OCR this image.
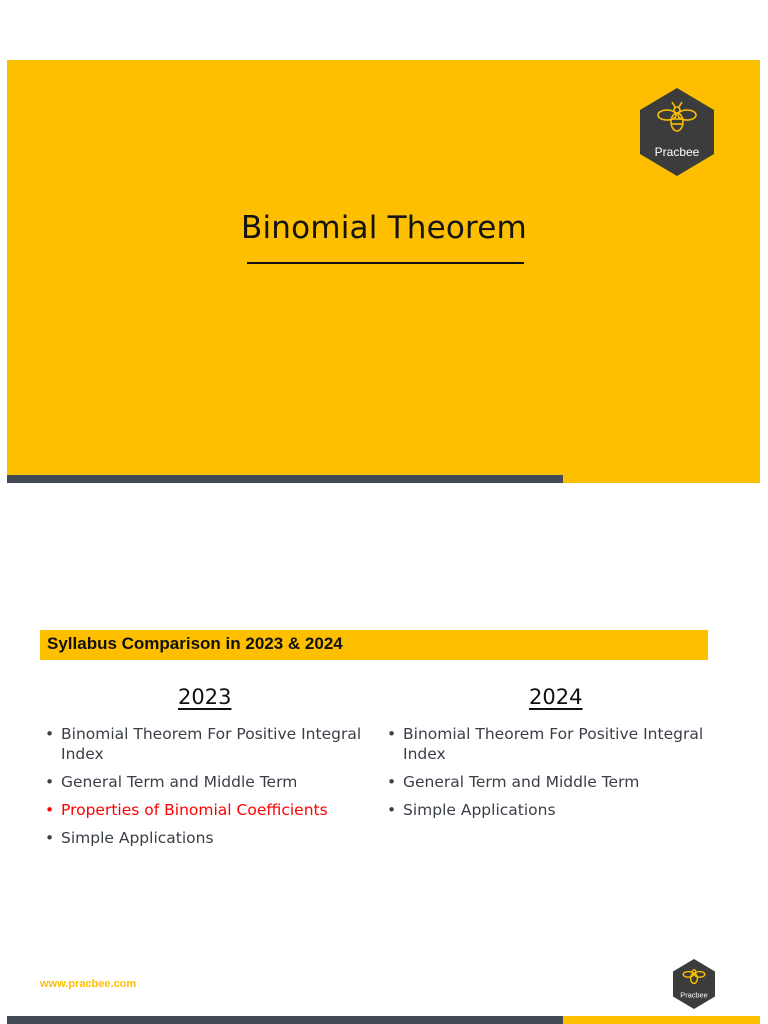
Pracbee
Binomial Theorem
Syllabus Comparison in 2023 & 2024
2023	2024
• Binomial Theorem For Positive Integral Index
• General Term and Middle Term
• Properties of Binomial Coefficients
• Simple Applications
• Binomial Theorem For Positive Integral Index
• General Term and Middle Term
• Simple Applications
www.pracbee.com
Pracbee
